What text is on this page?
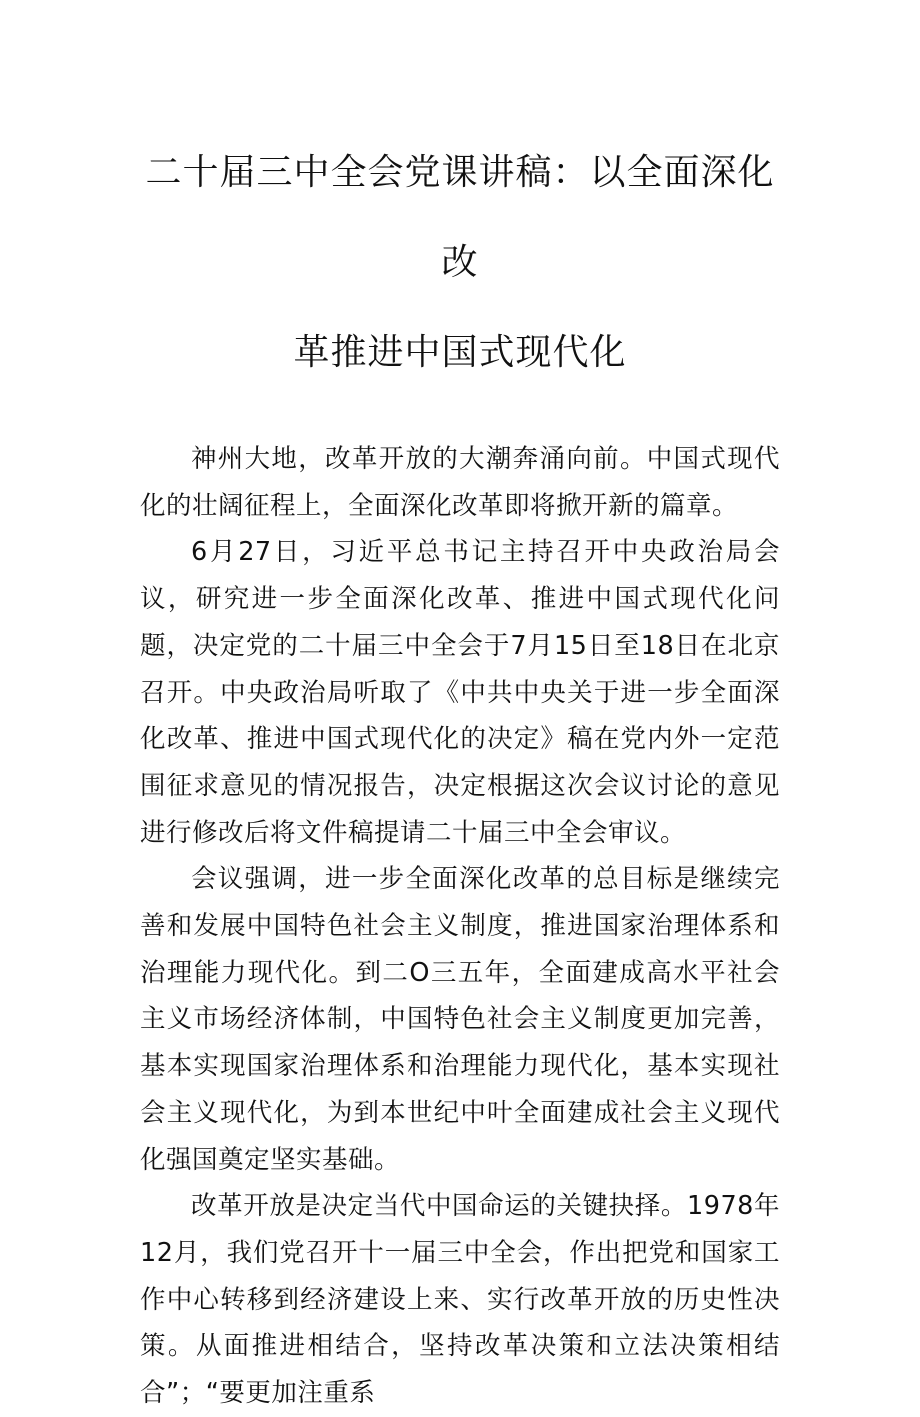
二十届三中全会党课讲稿：以全面深化改
革推进中国式现代化

神州大地，改革开放的大潮奔涌向前。中国式现代化的壮阔征程上，全面深化改革即将掀开新的篇章。

6月27日，习近平总书记主持召开中央政治局会议，研究进一步全面深化改革、推进中国式现代化问题，决定党的二十届三中全会于7月15日至18日在北京召开。中央政治局听取了《中共中央关于进一步全面深化改革、推进中国式现代化的决定》稿在党内外一定范围征求意见的情况报告，决定根据这次会议讨论的意见进行修改后将文件稿提请二十届三中全会审议。

会议强调，进一步全面深化改革的总目标是继续完善和发展中国特色社会主义制度，推进国家治理体系和治理能力现代化。到二O三五年，全面建成高水平社会主义市场经济体制，中国特色社会主义制度更加完善，基本实现国家治理体系和治理能力现代化，基本实现社会主义现代化，为到本世纪中叶全面建成社会主义现代化强国奠定坚实基础。

改革开放是决定当代中国命运的关键抉择。1978年12月，我们党召开十一届三中全会，作出把党和国家工作中心转移到经济建设上来、实行改革开放的历史性决策。从面推进相结合，坚持改革决策和立法决策相结合”；“要更加注重系
